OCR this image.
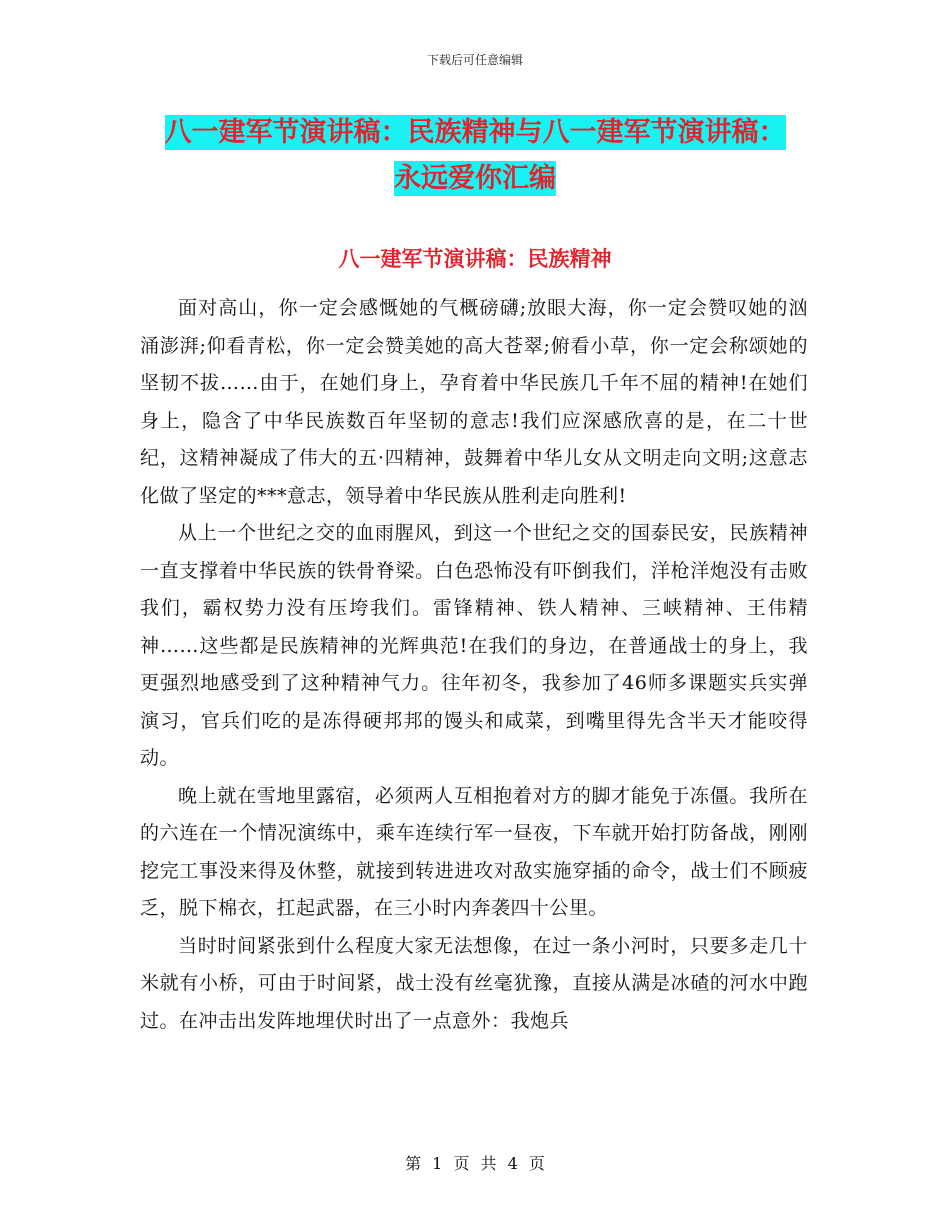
下载后可任意编辑
八一建军节演讲稿：民族精神与八一建军节演讲稿：
永远爱你汇编
八一建军节演讲稿：民族精神

面对高山，你一定会感慨她的气概磅礴;放眼大海，你一定会赞叹她的汹涌澎湃;仰看青松，你一定会赞美她的高大苍翠;俯看小草，你一定会称颂她的坚韧不拔……由于，在她们身上，孕育着中华民族几千年不屈的精神!在她们身上，隐含了中华民族数百年坚韧的意志!我们应深感欣喜的是，在二十世纪，这精神凝成了伟大的五·四精神，鼓舞着中华儿女从文明走向文明;这意志化做了坚定的***意志，领导着中华民族从胜利走向胜利!

从上一个世纪之交的血雨腥风，到这一个世纪之交的国泰民安，民族精神一直支撑着中华民族的铁骨脊梁。白色恐怖没有吓倒我们，洋枪洋炮没有击败我们，霸权势力没有压垮我们。雷锋精神、铁人精神、三峡精神、王伟精神……这些都是民族精神的光辉典范!在我们的身边，在普通战士的身上，我更强烈地感受到了这种精神气力。往年初冬，我参加了46师多课题实兵实弹演习，官兵们吃的是冻得硬邦邦的馒头和咸菜，到嘴里得先含半天才能咬得动。

晚上就在雪地里露宿，必须两人互相抱着对方的脚才能免于冻僵。我所在的六连在一个情况演练中，乘车连续行军一昼夜，下车就开始打防备战，刚刚挖完工事没来得及休整，就接到转进进攻对敌实施穿插的命令，战士们不顾疲乏，脱下棉衣，扛起武器，在三小时内奔袭四十公里。

当时时间紧张到什么程度大家无法想像，在过一条小河时，只要多走几十米就有小桥，可由于时间紧，战士没有丝毫犹豫，直接从满是冰碴的河水中跑过。在冲击出发阵地埋伏时出了一点意外：我炮兵

第 1 页 共 4 页
